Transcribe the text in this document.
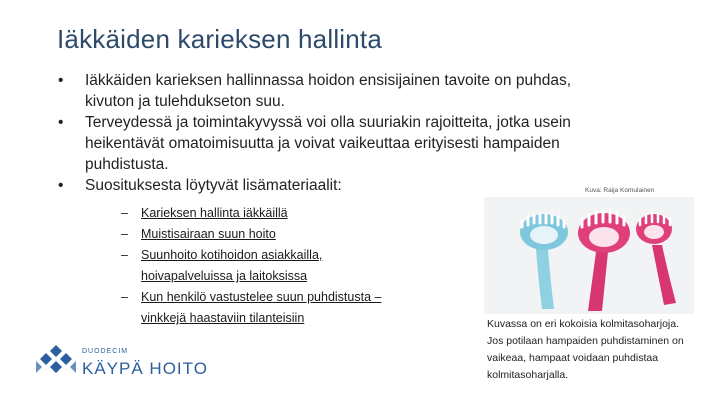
Iäkkäiden karieksen hallinta
•	Iäkkäiden karieksen hallinnassa hoidon ensisijainen tavoite on puhdas, kivuton ja tulehdukseton suu.
•	Terveydessä ja toimintakyvyssä voi olla suuriakin rajoitteita, jotka usein heikentävät omatoimisuutta ja voivat vaikeuttaa erityisesti hampaiden puhdistusta.
•	Suosituksesta löytyvät lisämateriaalit:
– Karieksen hallinta iäkkäillä
– Muistisairaan suun hoito
– Suunhoito kotihoidon asiakkailla, hoivapalveluissa ja laitoksissa
– Kun henkilö vastustelee suun puhdistusta – vinkkejä haastaviin tilanteisiin
Kuva: Raija Komulainen
Kuvassa on eri kokoisia kolmitasoharjoja. Jos potilaan hampaiden puhdistaminen on vaikeaa, hampaat voidaan puhdistaa kolmitasoharjalla.
DUODECIM
KÄYPÄ HOITO
